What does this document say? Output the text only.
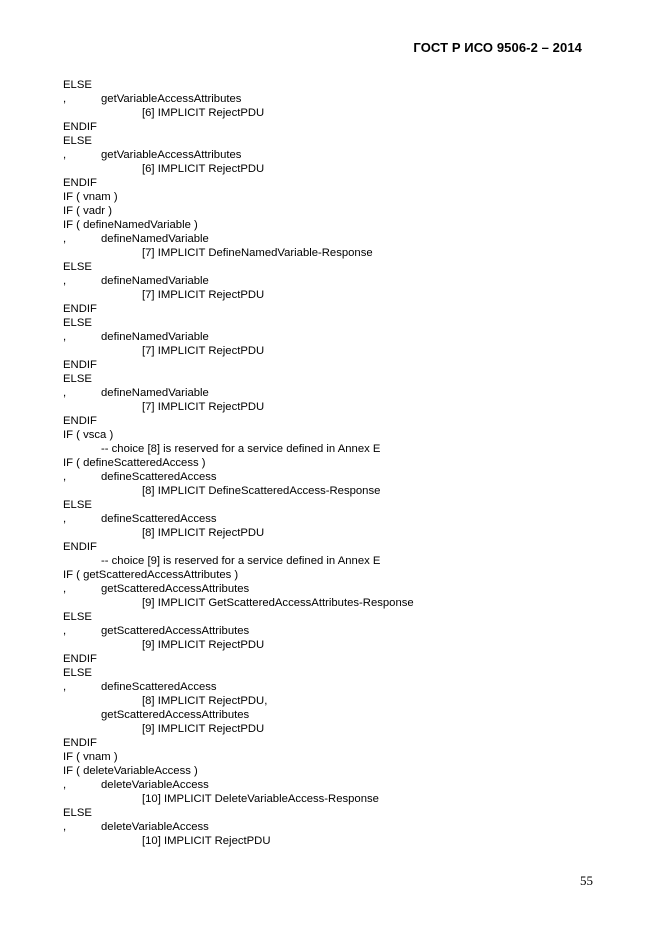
ГОСТ Р ИСО 9506-2 – 2014
ELSE
,	getVariableAccessAttributes
[6] IMPLICIT RejectPDU
ENDIF
ELSE
,	getVariableAccessAttributes
[6] IMPLICIT RejectPDU
ENDIF
IF ( vnam )
IF ( vadr )
IF ( defineNamedVariable )
,	defineNamedVariable
[7] IMPLICIT DefineNamedVariable-Response
ELSE
,	defineNamedVariable
[7] IMPLICIT RejectPDU
ENDIF
ELSE
,	defineNamedVariable
[7] IMPLICIT RejectPDU
ENDIF
ELSE
,	defineNamedVariable
[7] IMPLICIT RejectPDU
ENDIF
IF ( vsca )
-- choice [8] is reserved for a service defined in Annex E
IF ( defineScatteredAccess )
,	defineScatteredAccess
[8] IMPLICIT DefineScatteredAccess-Response
ELSE
,	defineScatteredAccess
[8] IMPLICIT RejectPDU
ENDIF
-- choice [9] is reserved for a service defined in Annex E
IF ( getScatteredAccessAttributes )
,	getScatteredAccessAttributes
[9] IMPLICIT GetScatteredAccessAttributes-Response
ELSE
,	getScatteredAccessAttributes
[9] IMPLICIT RejectPDU
ENDIF
ELSE
,	defineScatteredAccess
[8] IMPLICIT RejectPDU,
getScatteredAccessAttributes
[9] IMPLICIT RejectPDU
ENDIF
IF ( vnam )
IF ( deleteVariableAccess )
,	deleteVariableAccess
[10] IMPLICIT DeleteVariableAccess-Response
ELSE
,	deleteVariableAccess
[10] IMPLICIT RejectPDU
55
